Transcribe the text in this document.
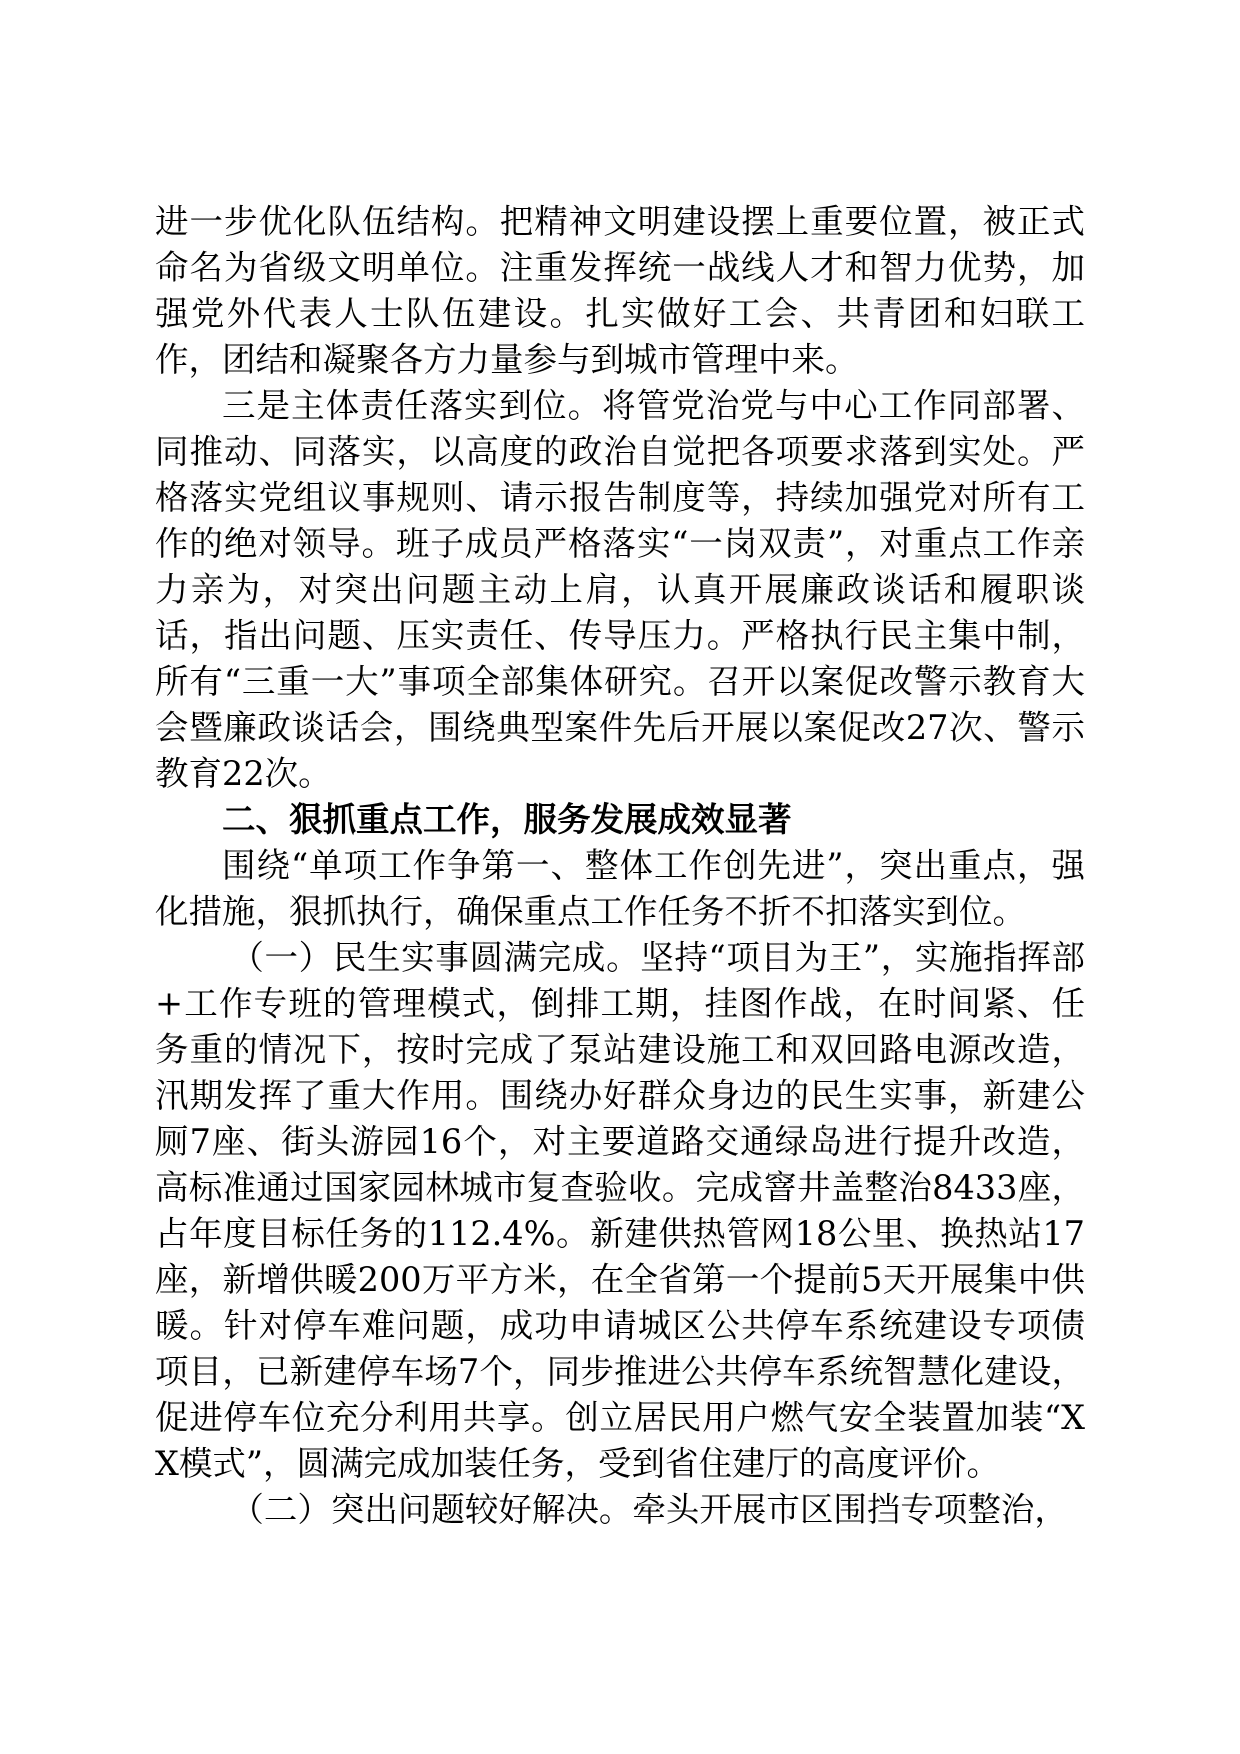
进一步优化队伍结构。把精神文明建设摆上重要位置，被正式命名为省级文明单位。注重发挥统一战线人才和智力优势，加强党外代表人士队伍建设。扎实做好工会、共青团和妇联工作，团结和凝聚各方力量参与到城市管理中来。

三是主体责任落实到位。将管党治党与中心工作同部署、同推动、同落实，以高度的政治自觉把各项要求落到实处。严格落实党组议事规则、请示报告制度等，持续加强党对所有工作的绝对领导。班子成员严格落实“一岗双责”，对重点工作亲力亲为，对突出问题主动上肩，认真开展廉政谈话和履职谈话，指出问题、压实责任、传导压力。严格执行民主集中制，所有“三重一大”事项全部集体研究。召开以案促改警示教育大会暨廉政谈话会，围绕典型案件先后开展以案促改27次、警示教育22次。

二、狠抓重点工作，服务发展成效显著

围绕“单项工作争第一、整体工作创先进”，突出重点，强化措施，狠抓执行，确保重点工作任务不折不扣落实到位。

（一）民生实事圆满完成。坚持“项目为王”，实施指挥部+工作专班的管理模式，倒排工期，挂图作战，在时间紧、任务重的情况下，按时完成了泵站建设施工和双回路电源改造，汛期发挥了重大作用。围绕办好群众身边的民生实事，新建公厕7座、街头游园16个，对主要道路交通绿岛进行提升改造，高标准通过国家园林城市复查验收。完成窨井盖整治8433座，占年度目标任务的112.4%。新建供热管网18公里、换热站17座，新增供暖200万平方米，在全省第一个提前5天开展集中供暖。针对停车难问题，成功申请城区公共停车系统建设专项债项目，已新建停车场7个，同步推进公共停车系统智慧化建设，促进停车位充分利用共享。创立居民用户燃气安全装置加装“XX模式”，圆满完成加装任务，受到省住建厅的高度评价。

（二）突出问题较好解决。牵头开展市区围挡专项整治，
